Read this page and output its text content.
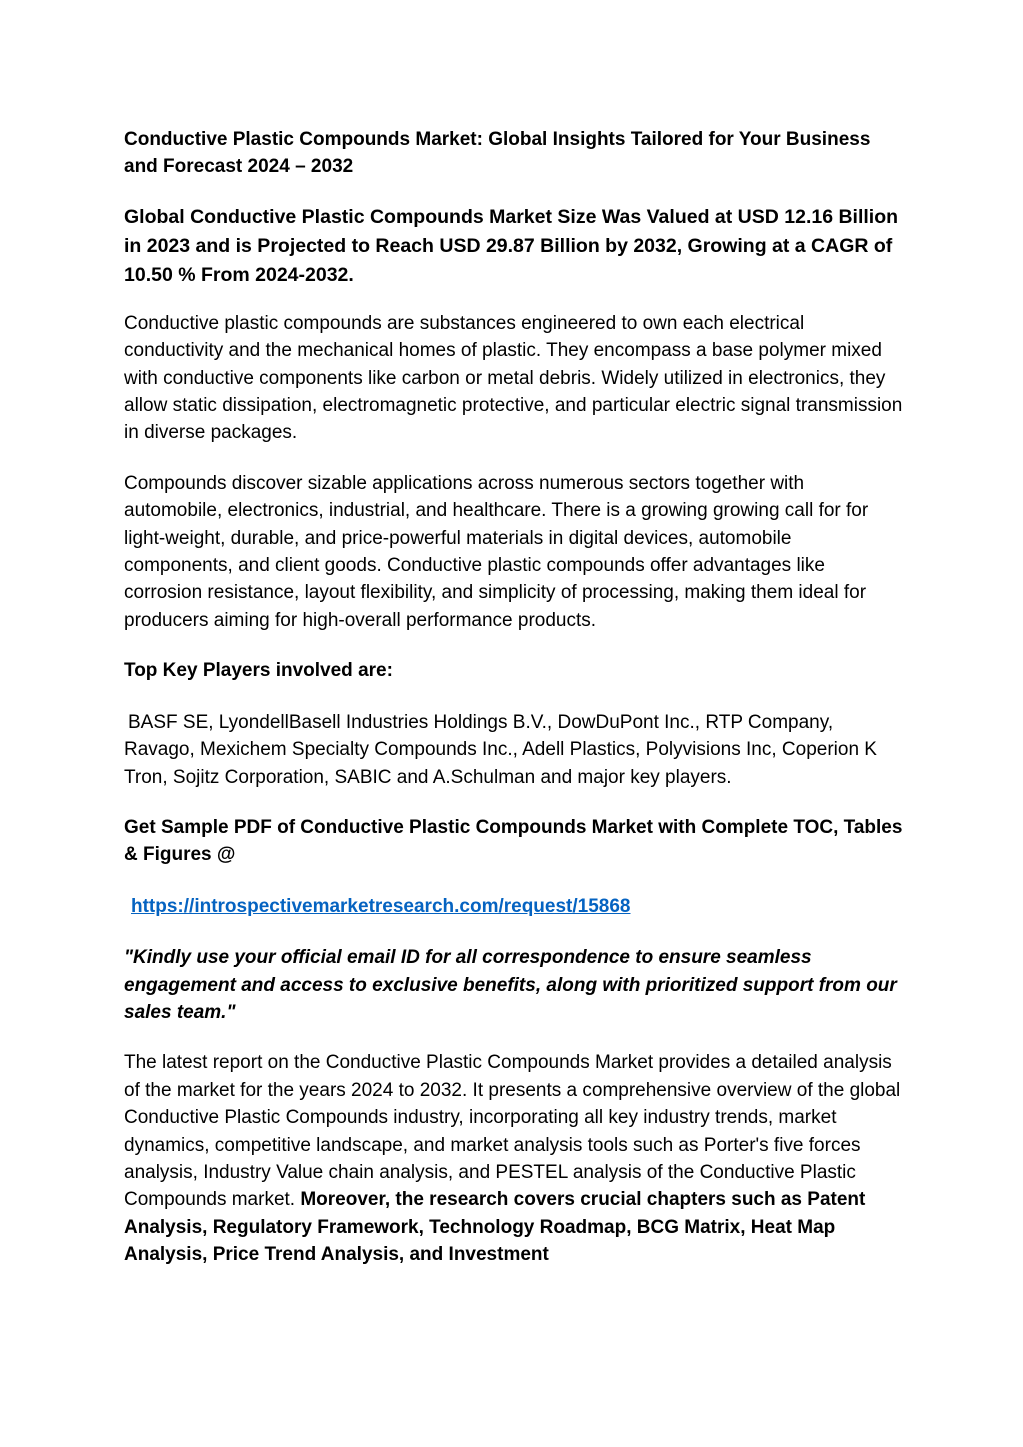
Conductive Plastic Compounds Market: Global Insights Tailored for Your Business and Forecast 2024 – 2032

Global Conductive Plastic Compounds Market Size Was Valued at USD 12.16 Billion in 2023 and is Projected to Reach USD 29.87 Billion by 2032, Growing at a CAGR of 10.50 % From 2024-2032.

Conductive plastic compounds are substances engineered to own each electrical conductivity and the mechanical homes of plastic. They encompass a base polymer mixed with conductive components like carbon or metal debris. Widely utilized in electronics, they allow static dissipation, electromagnetic protective, and particular electric signal transmission in diverse packages.

Compounds discover sizable applications across numerous sectors together with automobile, electronics, industrial, and healthcare. There is a growing growing call for for light-weight, durable, and price-powerful materials in digital devices, automobile components, and client goods. Conductive plastic compounds offer advantages like corrosion resistance, layout flexibility, and simplicity of processing, making them ideal for producers aiming for high-overall performance products.

Top Key Players involved are:

BASF SE, LyondellBasell Industries Holdings B.V., DowDuPont Inc., RTP Company, Ravago, Mexichem Specialty Compounds Inc., Adell Plastics, Polyvisions Inc, Coperion K Tron, Sojitz Corporation, SABIC and A.Schulman and major key players.

Get Sample PDF of Conductive Plastic Compounds Market with Complete TOC, Tables & Figures @

https://introspectivemarketresearch.com/request/15868

"Kindly use your official email ID for all correspondence to ensure seamless engagement and access to exclusive benefits, along with prioritized support from our sales team."

The latest report on the Conductive Plastic Compounds Market provides a detailed analysis of the market for the years 2024 to 2032. It presents a comprehensive overview of the global Conductive Plastic Compounds industry, incorporating all key industry trends, market dynamics, competitive landscape, and market analysis tools such as Porter's five forces analysis, Industry Value chain analysis, and PESTEL analysis of the Conductive Plastic Compounds market. Moreover, the research covers crucial chapters such as Patent Analysis, Regulatory Framework, Technology Roadmap, BCG Matrix, Heat Map Analysis, Price Trend Analysis, and Investment
